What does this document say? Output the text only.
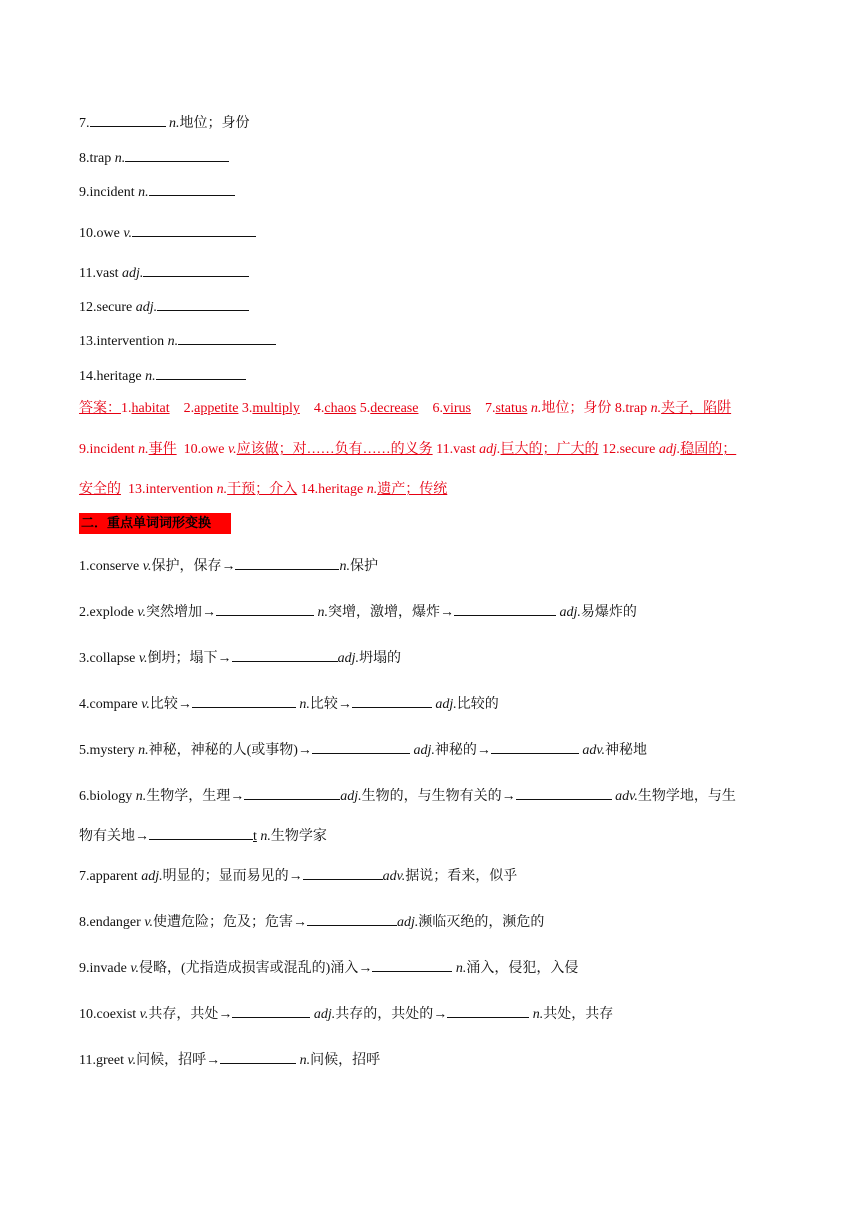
7.	n.地位；身份
8.trap n.
9.incident n.
10.owe v.
11.vast adj.
12.secure adj.
13.intervention n.
14.heritage n.
答案：1.habitat 2.appetite 3.multiply 4.chaos 5.decrease 6.virus 7.status n.地位；身份 8.trap n.夹子，陷阱
9.incident n.事件 10.owe v.应该做；对……负有……的义务 11.vast adj.巨大的；广大的 12.secure adj.稳固的；
安全的 13.intervention n.干预；介入 14.heritage n.遗产；传统
二．重点单词词形变换
1.conserve v.保护，保存→	n.保护
2.explode v.突然增加→	n.突增，激增，爆炸→	adj.易爆炸的
3.collapse v.倒坍；塌下→	adj.坍塌的
4.compare v.比较→	n.比较→	adj.比较的
5.mystery n.神秘，神秘的人(或事物)→	adj.神秘的→	adv.神秘地
6.biology n.生物学，生理→	adj.生物的，与生物有关的→	adv.生物学地，与生
物有关地→	t n.生物学家
7.apparent adj.明显的；显而易见的→	adv.据说；看来，似乎
8.endanger v.使遭危险；危及；危害→	adj.濒临灭绝的，濒危的
9.invade v.侵略，(尤指造成损害或混乱的)涌入→	n.涌入，侵犯，入侵
10.coexist v.共存，共处→	adj.共存的，共处的→	n.共处，共存
11.greet v.问候，招呼→	n.问候，招呼
